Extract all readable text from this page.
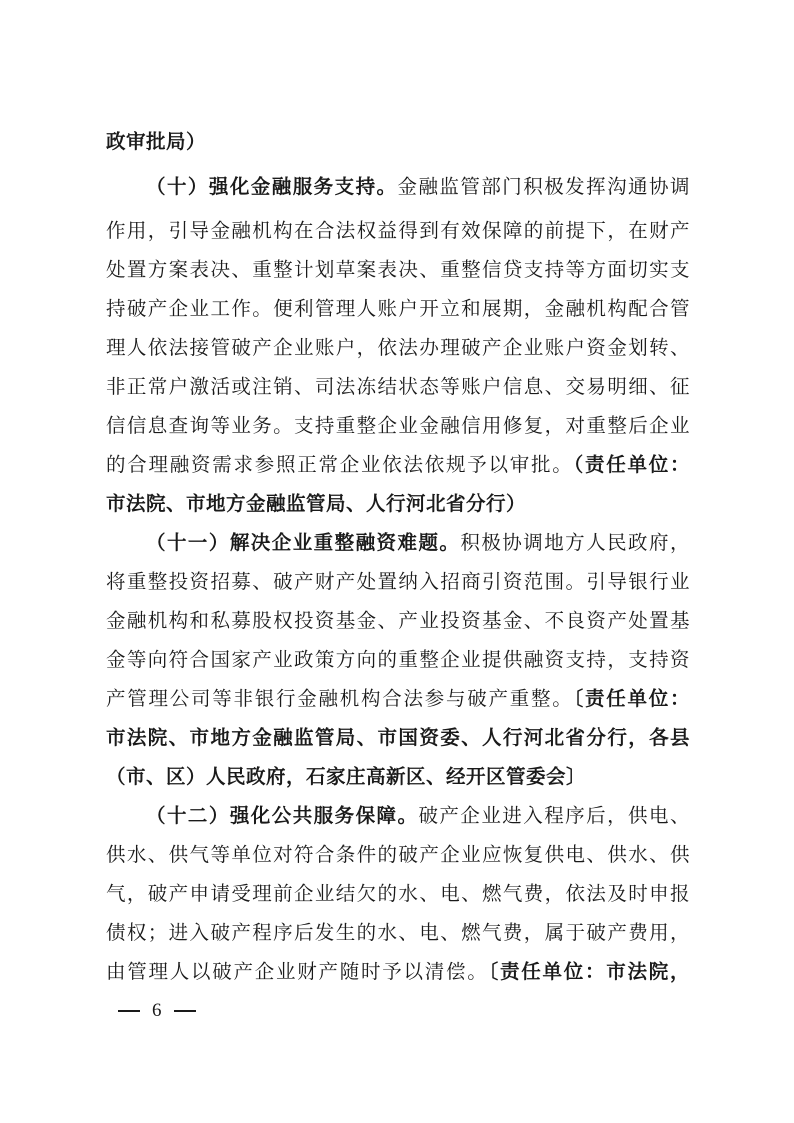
政审批局）
（十）强化金融服务支持。金融监管部门积极发挥沟通协调
作用，引导金融机构在合法权益得到有效保障的前提下，在财产
处置方案表决、重整计划草案表决、重整信贷支持等方面切实支
持破产企业工作。便利管理人账户开立和展期，金融机构配合管
理人依法接管破产企业账户，依法办理破产企业账户资金划转、
非正常户激活或注销、司法冻结状态等账户信息、交易明细、征
信信息查询等业务。支持重整企业金融信用修复，对重整后企业
的合理融资需求参照正常企业依法依规予以审批。（责任单位：
市法院、市地方金融监管局、人行河北省分行）
（十一）解决企业重整融资难题。积极协调地方人民政府，
将重整投资招募、破产财产处置纳入招商引资范围。引导银行业
金融机构和私募股权投资基金、产业投资基金、不良资产处置基
金等向符合国家产业政策方向的重整企业提供融资支持，支持资
产管理公司等非银行金融机构合法参与破产重整。〔责任单位：
市法院、市地方金融监管局、市国资委、人行河北省分行，各县
（市、区）人民政府，石家庄高新区、经开区管委会〕
（十二）强化公共服务保障。破产企业进入程序后，供电、
供水、供气等单位对符合条件的破产企业应恢复供电、供水、供
气，破产申请受理前企业结欠的水、电、燃气费，依法及时申报
债权；进入破产程序后发生的水、电、燃气费，属于破产费用，
由管理人以破产企业财产随时予以清偿。〔责任单位：市法院，
6
